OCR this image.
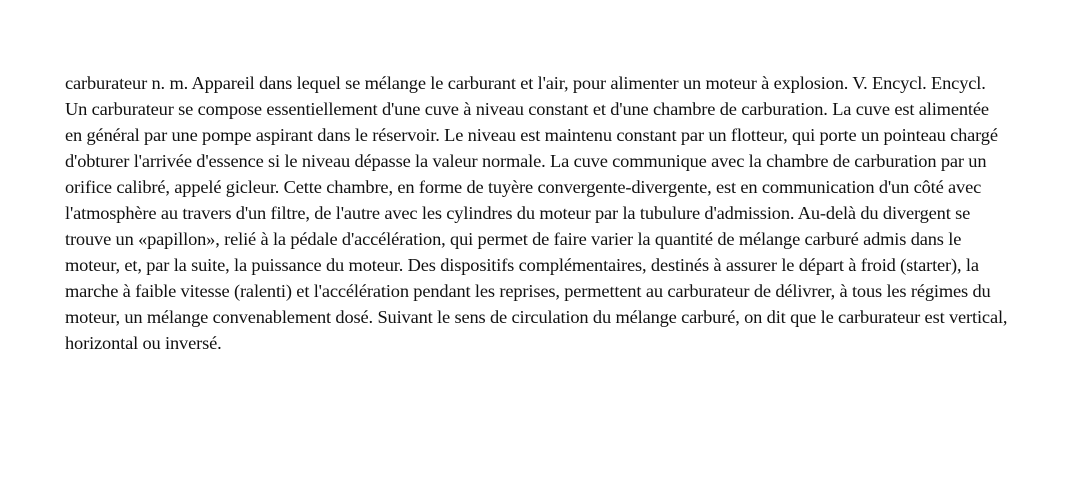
carburateur n. m. Appareil dans lequel se mélange le carburant et l'air, pour alimenter un moteur à explosion. V. Encycl. Encycl. Un carburateur se compose essentiellement d'une cuve à niveau constant et d'une chambre de carburation. La cuve est alimentée en général par une pompe aspirant dans le réservoir. Le niveau est maintenu constant par un flotteur, qui porte un pointeau chargé d'obturer l'arrivée d'essence si le niveau dépasse la valeur normale. La cuve communique avec la chambre de carburation par un orifice calibré, appelé gicleur. Cette chambre, en forme de tuyère convergente-divergente, est en communication d'un côté avec l'atmosphère au travers d'un filtre, de l'autre avec les cylindres du moteur par la tubulure d'admission. Au-delà du divergent se trouve un «papillon», relié à la pédale d'accélération, qui permet de faire varier la quantité de mélange carburé admis dans le moteur, et, par la suite, la puissance du moteur. Des dispositifs complémentaires, destinés à assurer le départ à froid (starter), la marche à faible vitesse (ralenti) et l'accélération pendant les reprises, permettent au carburateur de délivrer, à tous les régimes du moteur, un mélange convenablement dosé. Suivant le sens de circulation du mélange carburé, on dit que le carburateur est vertical, horizontal ou inversé.
